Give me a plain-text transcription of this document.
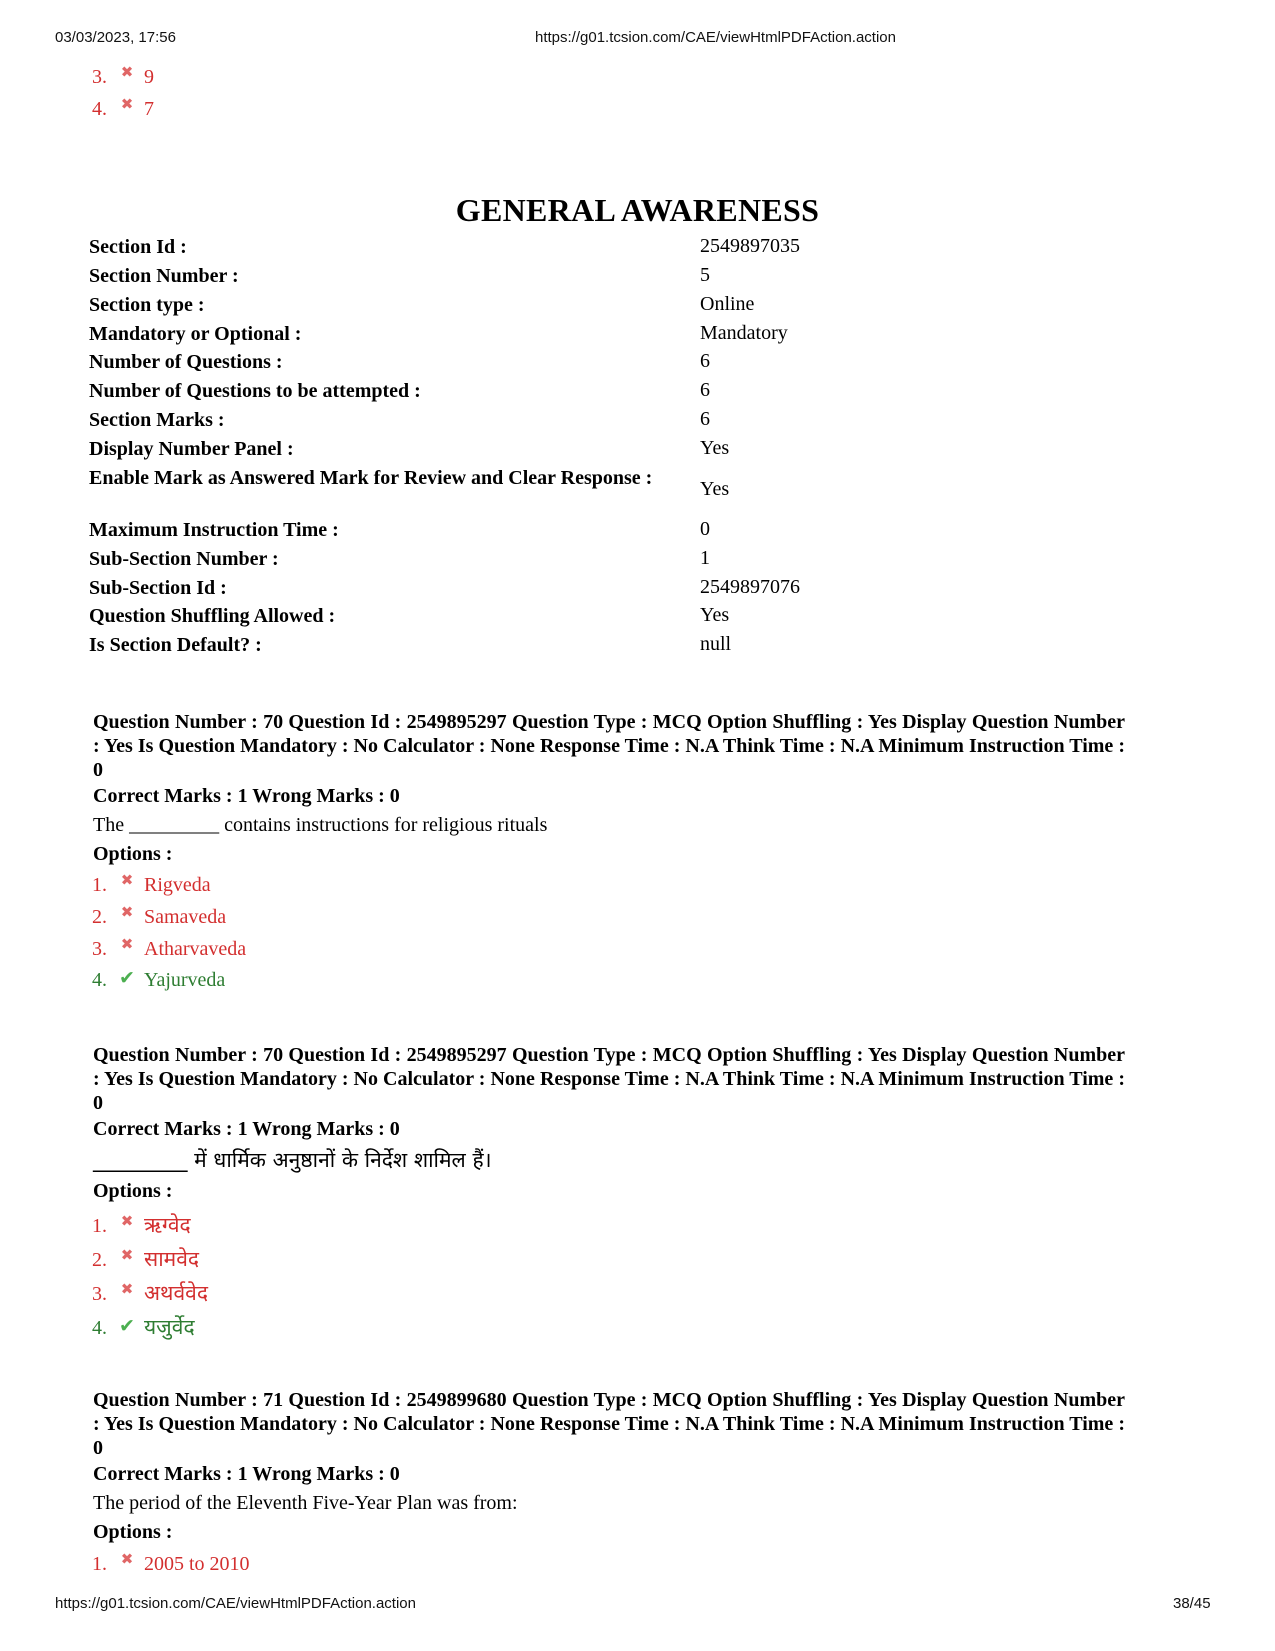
03/03/2023, 17:56	https://g01.tcsion.com/CAE/viewHtmlPDFAction.action
3. ✖ 9
4. ✖ 7
GENERAL AWARENESS
Section Id :	2549897035
Section Number :	5
Section type :	Online
Mandatory or Optional :	Mandatory
Number of Questions :	6
Number of Questions to be attempted :	6
Section Marks :	6
Display Number Panel :	Yes
Enable Mark as Answered Mark for Review and Clear Response :	Yes
Maximum Instruction Time :	0
Sub-Section Number :	1
Sub-Section Id :	2549897076
Question Shuffling Allowed :	Yes
Is Section Default? :	null
Question Number : 70 Question Id : 2549895297 Question Type : MCQ Option Shuffling : Yes Display Question Number : Yes Is Question Mandatory : No Calculator : None Response Time : N.A Think Time : N.A Minimum Instruction Time : 0
Correct Marks : 1 Wrong Marks : 0
The _________ contains instructions for religious rituals
Options :
1. ✖ Rigveda
2. ✖ Samaveda
3. ✖ Atharvaveda
4. ✔ Yajurveda
Question Number : 70 Question Id : 2549895297 Question Type : MCQ Option Shuffling : Yes Display Question Number : Yes Is Question Mandatory : No Calculator : None Response Time : N.A Think Time : N.A Minimum Instruction Time : 0
Correct Marks : 1 Wrong Marks : 0
_________ में धार्मिक अनुष्ठानों के निर्देश शामिल हैं।
Options :
1. ✖ ऋग्वेद
2. ✖ सामवेद
3. ✖ अथर्ववेद
4. ✔ यजुर्वेद
Question Number : 71 Question Id : 2549899680 Question Type : MCQ Option Shuffling : Yes Display Question Number : Yes Is Question Mandatory : No Calculator : None Response Time : N.A Think Time : N.A Minimum Instruction Time : 0
Correct Marks : 1 Wrong Marks : 0
The period of the Eleventh Five-Year Plan was from:
Options :
1. ✖ 2005 to 2010
https://g01.tcsion.com/CAE/viewHtmlPDFAction.action	38/45
